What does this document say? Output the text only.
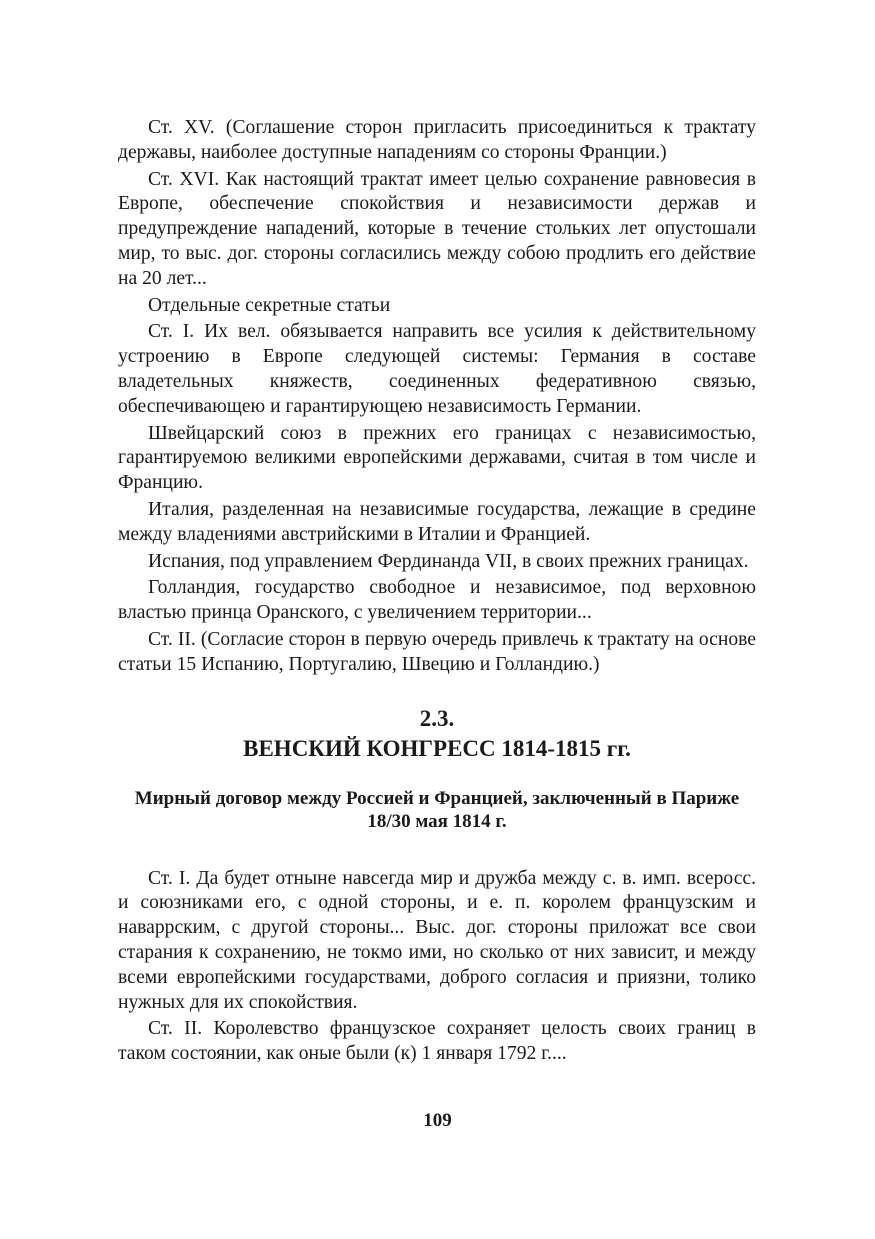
Ст. XV. (Соглашение сторон пригласить присоединиться к трактату державы, наиболее доступные нападениям со стороны Франции.)

Ст. XVI. Как настоящий трактат имеет целью сохранение равновесия в Европе, обеспечение спокойствия и независимости держав и предупреждение нападений, которые в течение стольких лет опустошали мир, то выс. дог. стороны согласились между собою продлить его действие на 20 лет...

Отдельные секретные статьи

Ст. I. Их вел. обязывается направить все усилия к действительному устроению в Европе следующей системы: Германия в составе владетельных княжеств, соединенных федеративною связью, обеспечивающею и гарантирующею независимость Германии.

Швейцарский союз в прежних его границах с независимостью, гарантируемою великими европейскими державами, считая в том числе и Францию.

Италия, разделенная на независимые государства, лежащие в средине между владениями австрийскими в Италии и Францией.

Испания, под управлением Фердинанда VII, в своих прежних границах.

Голландия, государство свободное и независимое, под верховною властью принца Оранского, с увеличением территории...

Ст. II. (Согласие сторон в первую очередь привлечь к трактату на основе статьи 15 Испанию, Португалию, Швецию и Голландию.)

2.3.
ВЕНСКИЙ КОНГРЕСС 1814-1815 гг.
Мирный договор между Россией и Францией, заключенный в Париже 18/30 мая 1814 г.

Ст. I. Да будет отныне навсегда мир и дружба между с. в. имп. всеросс. и союзниками его, с одной стороны, и е. п. королем французским и наваррским, с другой стороны... Выс. дог. стороны приложат все свои старания к сохранению, не токмо ими, но сколько от них зависит, и между всеми европейскими государствами, доброго согласия и приязни, толико нужных для их спокойствия.

Ст. II. Королевство французское сохраняет целость своих границ в таком состоянии, как оные были (к) 1 января 1792 г....

109
